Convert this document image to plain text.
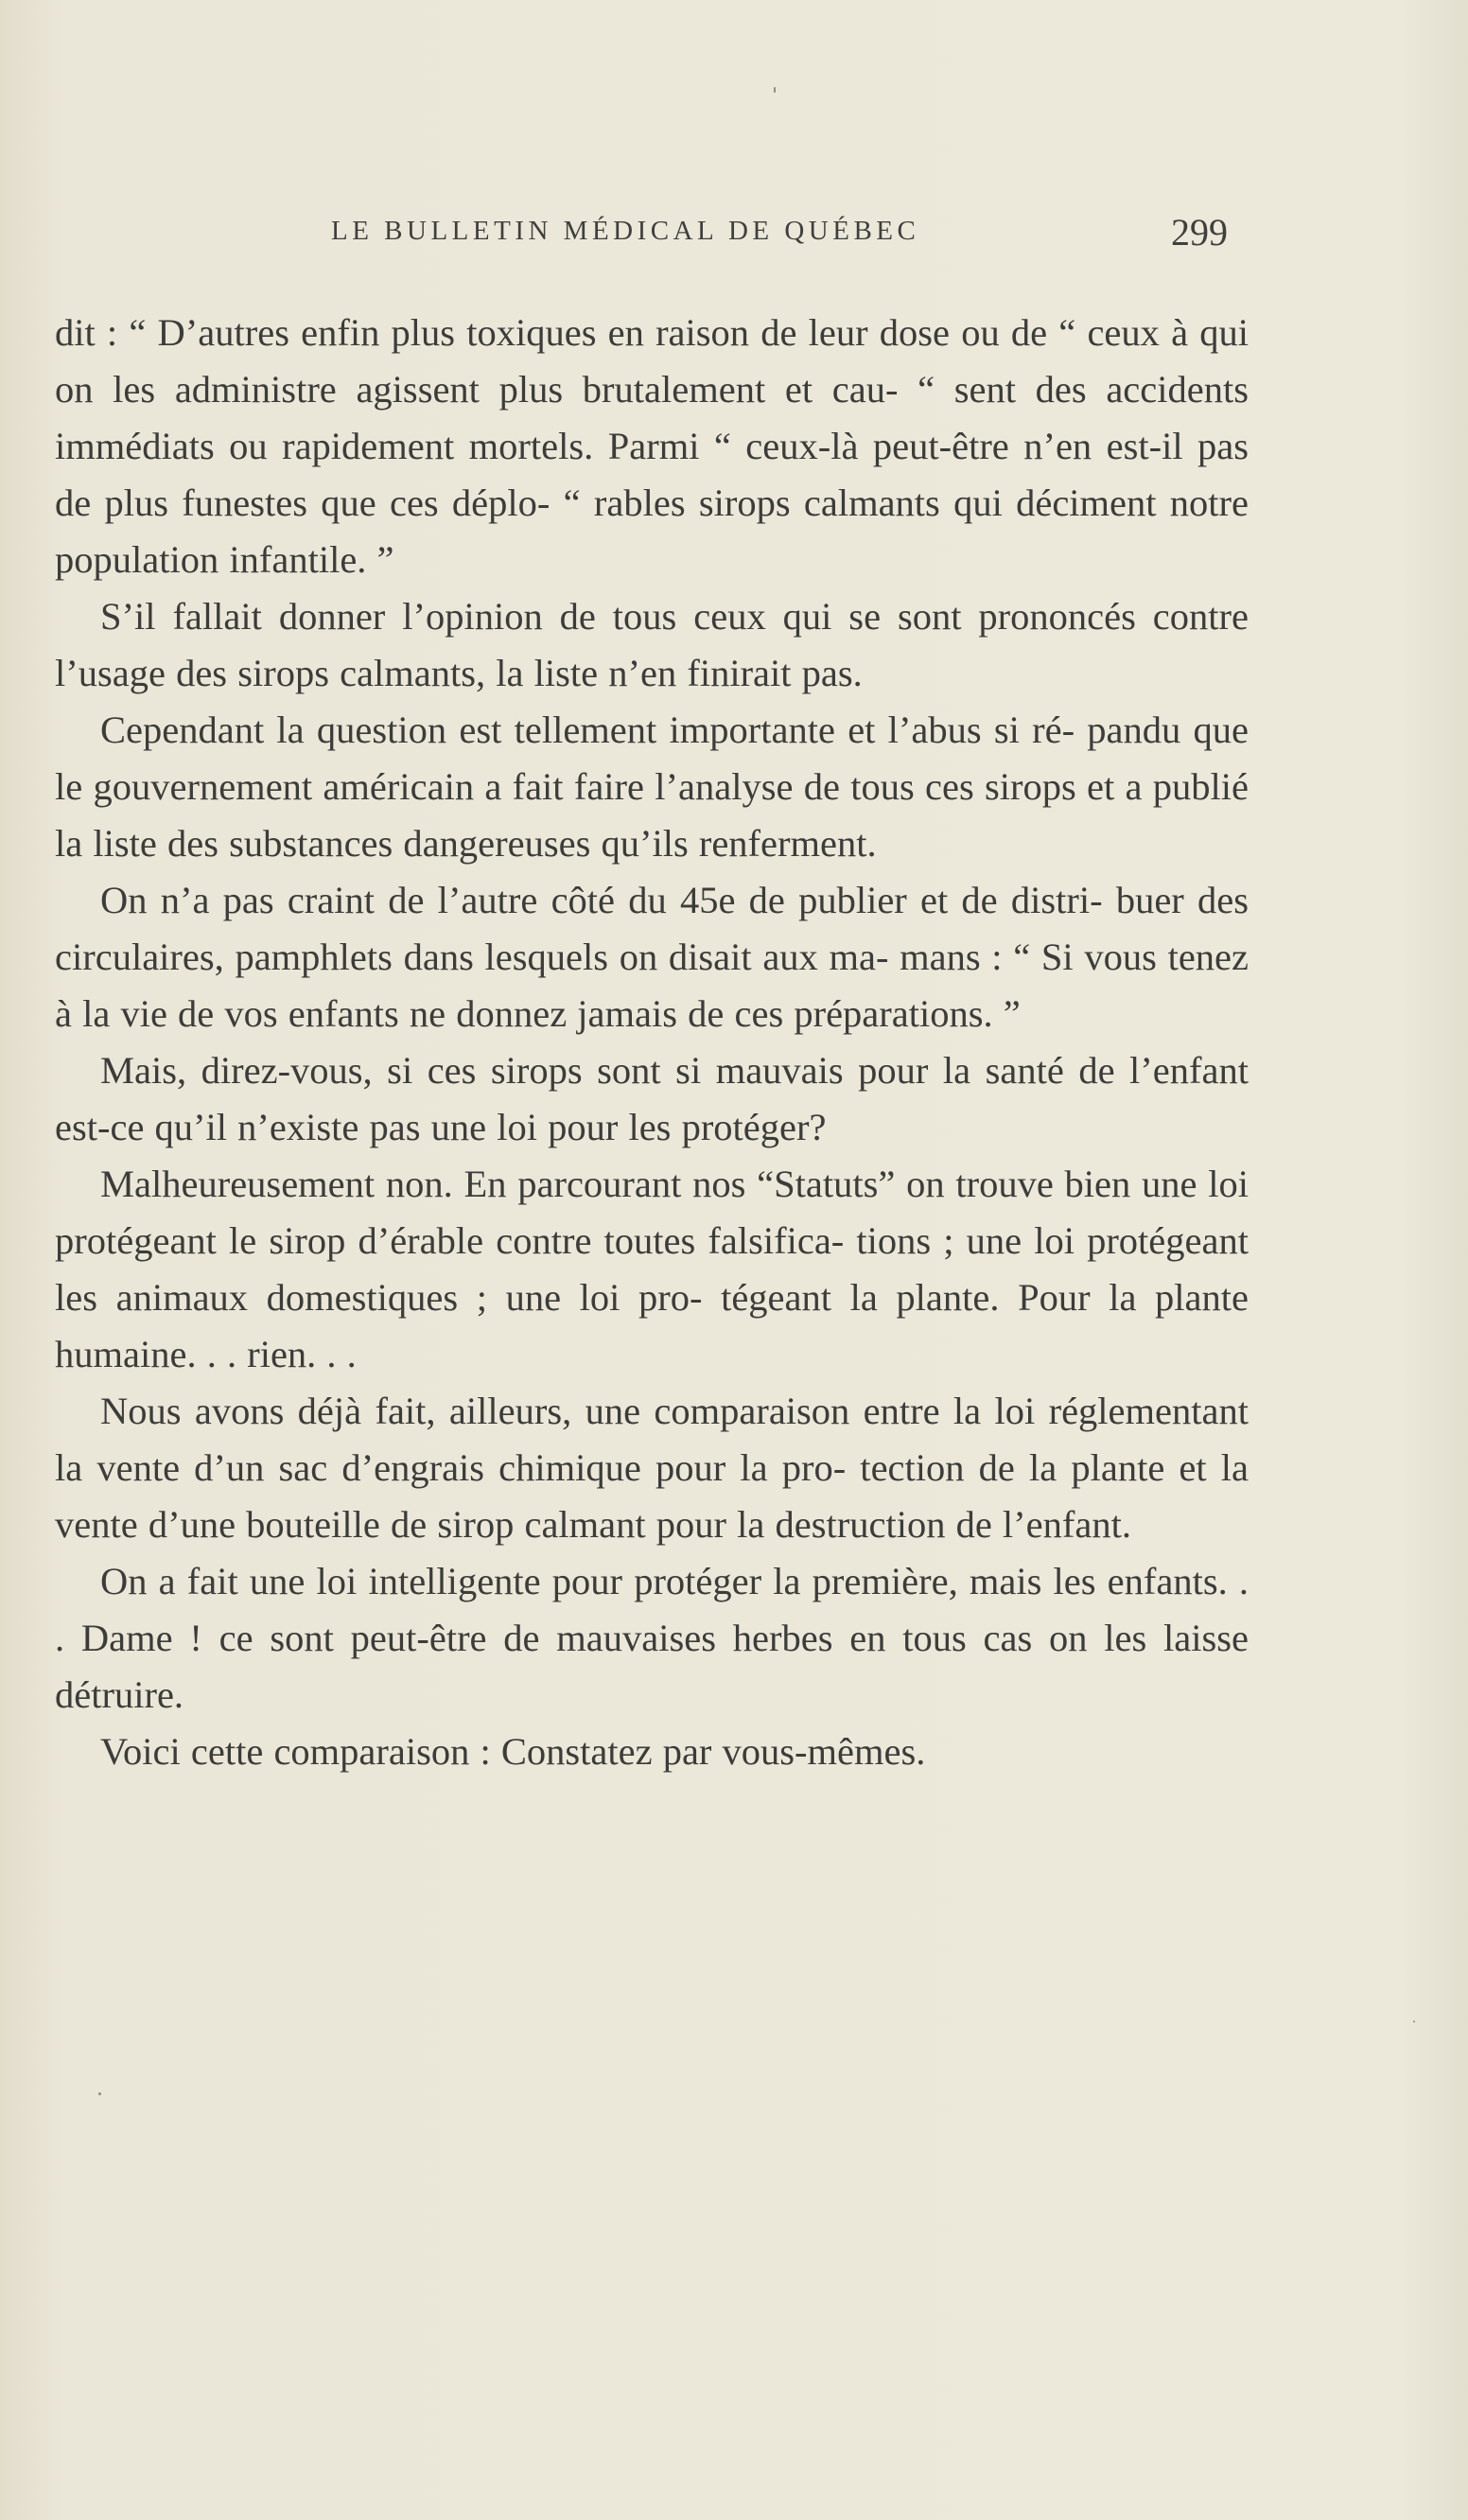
LE BULLETIN MÉDICAL DE QUÉBEC	299

dit : “ D’autres enfin plus toxiques en raison de leur dose ou de “ ceux à qui on les administre agissent plus brutalement et cau- “ sent des accidents immédiats ou rapidement mortels. Parmi “ ceux-là peut-être n’en est-il pas de plus funestes que ces déplo- “ rables sirops calmants qui déciment notre population infantile. ”

S’il fallait donner l’opinion de tous ceux qui se sont prononcés contre l’usage des sirops calmants, la liste n’en finirait pas.

Cependant la question est tellement importante et l’abus si ré- pandu que le gouvernement américain a fait faire l’analyse de tous ces sirops et a publié la liste des substances dangereuses qu’ils renferment.

On n’a pas craint de l’autre côté du 45e de publier et de distri- buer des circulaires, pamphlets dans lesquels on disait aux ma- mans : “ Si vous tenez à la vie de vos enfants ne donnez jamais de ces préparations. ”

Mais, direz-vous, si ces sirops sont si mauvais pour la santé de l’enfant est-ce qu’il n’existe pas une loi pour les protéger?

Malheureusement non. En parcourant nos “Statuts” on trouve bien une loi protégeant le sirop d’érable contre toutes falsifica- tions ; une loi protégeant les animaux domestiques ; une loi pro- tégeant la plante. Pour la plante humaine. . . rien. . .

Nous avons déjà fait, ailleurs, une comparaison entre la loi réglementant la vente d’un sac d’engrais chimique pour la pro- tection de la plante et la vente d’une bouteille de sirop calmant pour la destruction de l’enfant.

On a fait une loi intelligente pour protéger la première, mais les enfants. . . Dame ! ce sont peut-être de mauvaises herbes en tous cas on les laisse détruire.

Voici cette comparaison : Constatez par vous-mêmes.
